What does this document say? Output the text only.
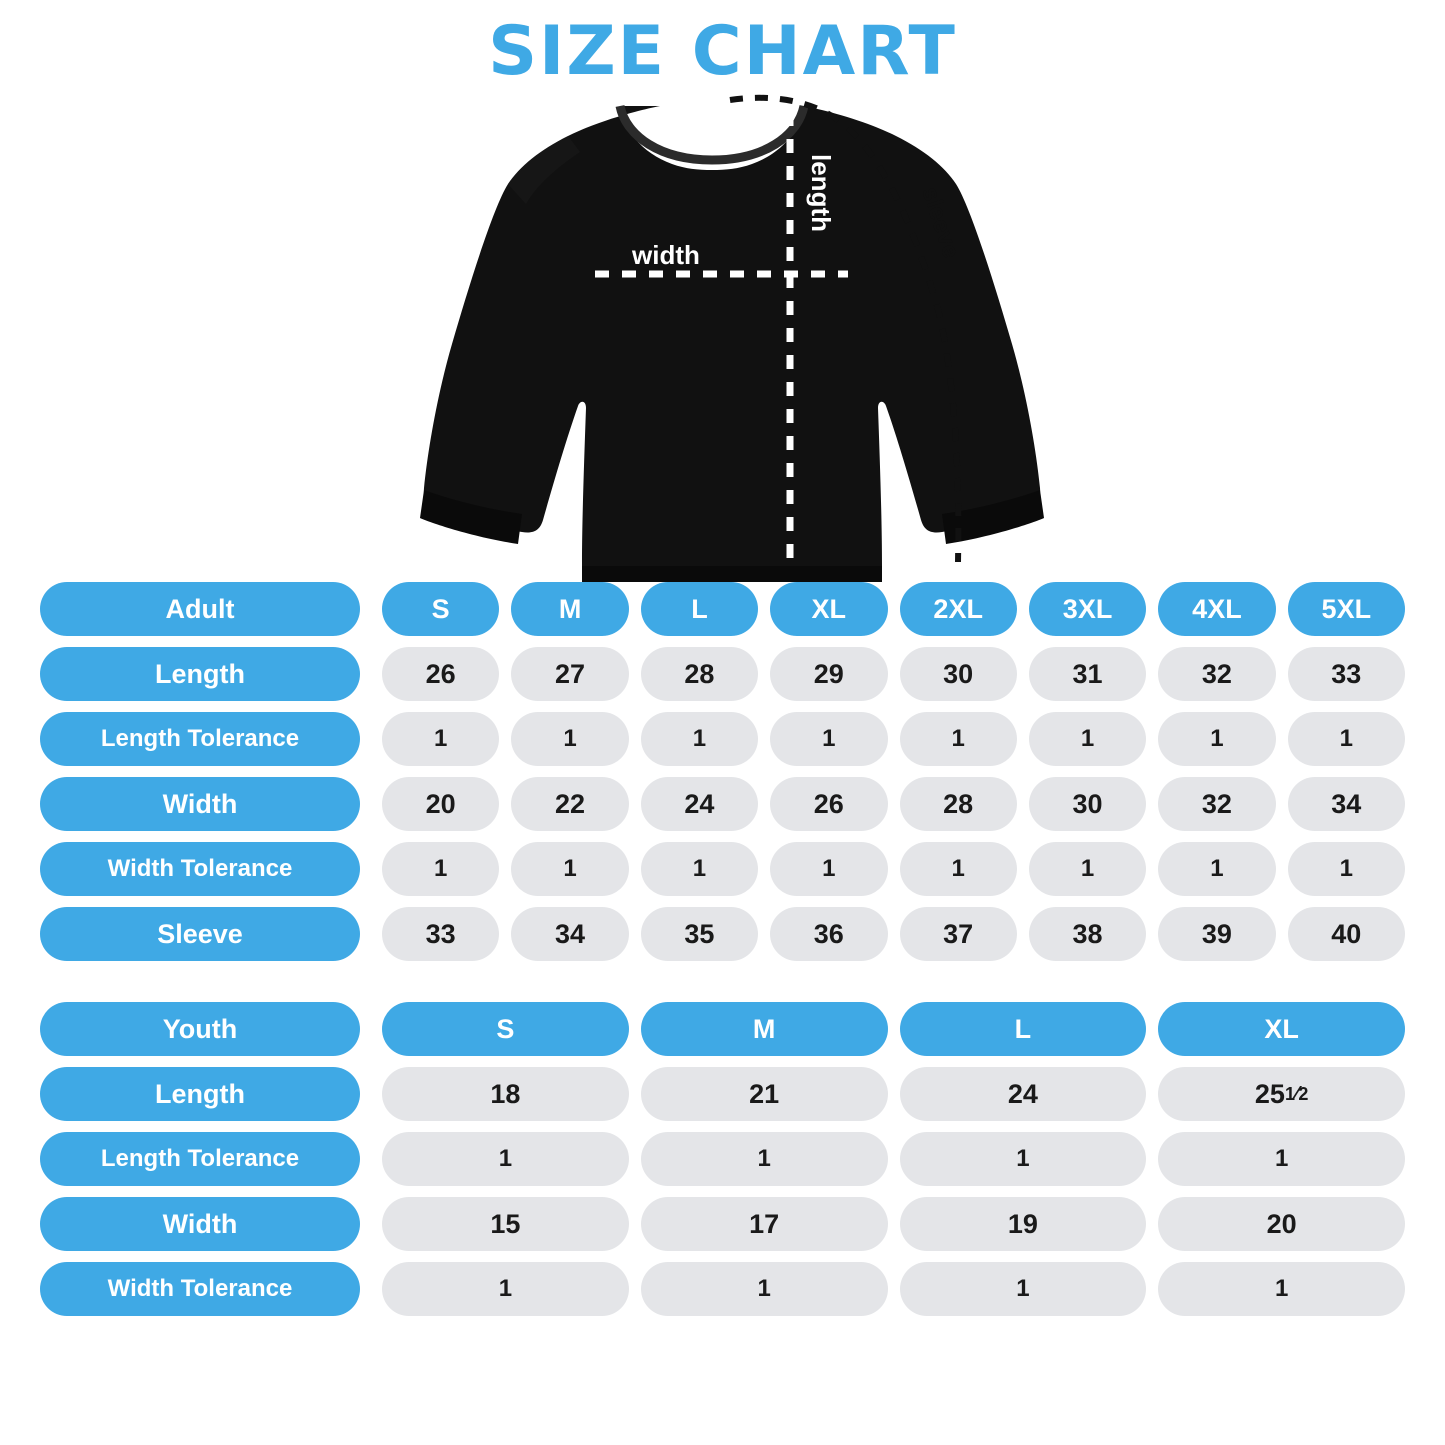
SIZE CHART
width
length	sleeve
Adult	S	M	L	XL	2XL	3XL	4XL	5XL
Length	26	27	28	29	30	31	32	33
Length Tolerance	1	1	1	1	1	1	1	1
Width	20	22	24	26	28	30	32	34
Width Tolerance	1	1	1	1	1	1	1	1
Sleeve	33	34	35	36	37	38	39	40
Youth	S	M	L	XL
Length	18	21	24	25 1 ⁄ 2
Length Tolerance	1	1	1	1
Width	15	17	19	20
Width Tolerance	1	1	1	1
